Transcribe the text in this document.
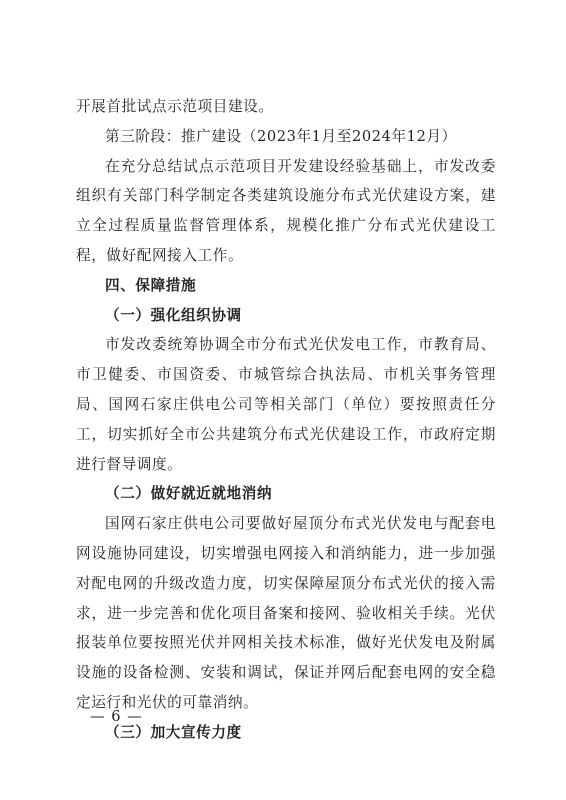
开展首批试点示范项目建设。

第三阶段：推广建设（2023年1月至2024年12月）

在充分总结试点示范项目开发建设经验基础上，市发改委组织有关部门科学制定各类建筑设施分布式光伏建设方案，建立全过程质量监督管理体系，规模化推广分布式光伏建设工程，做好配网接入工作。

四、保障措施

（一）强化组织协调

市发改委统筹协调全市分布式光伏发电工作，市教育局、市卫健委、市国资委、市城管综合执法局、市机关事务管理局、国网石家庄供电公司等相关部门（单位）要按照责任分工，切实抓好全市公共建筑分布式光伏建设工作，市政府定期进行督导调度。

（二）做好就近就地消纳

国网石家庄供电公司要做好屋顶分布式光伏发电与配套电网设施协同建设，切实增强电网接入和消纳能力，进一步加强对配电网的升级改造力度，切实保障屋顶分布式光伏的接入需求，进一步完善和优化项目备案和接网、验收相关手续。光伏报装单位要按照光伏并网相关技术标准，做好光伏发电及附属设施的设备检测、安装和调试，保证并网后配套电网的安全稳定运行和光伏的可靠消纳。

（三）加大宣传力度

— 6 —
